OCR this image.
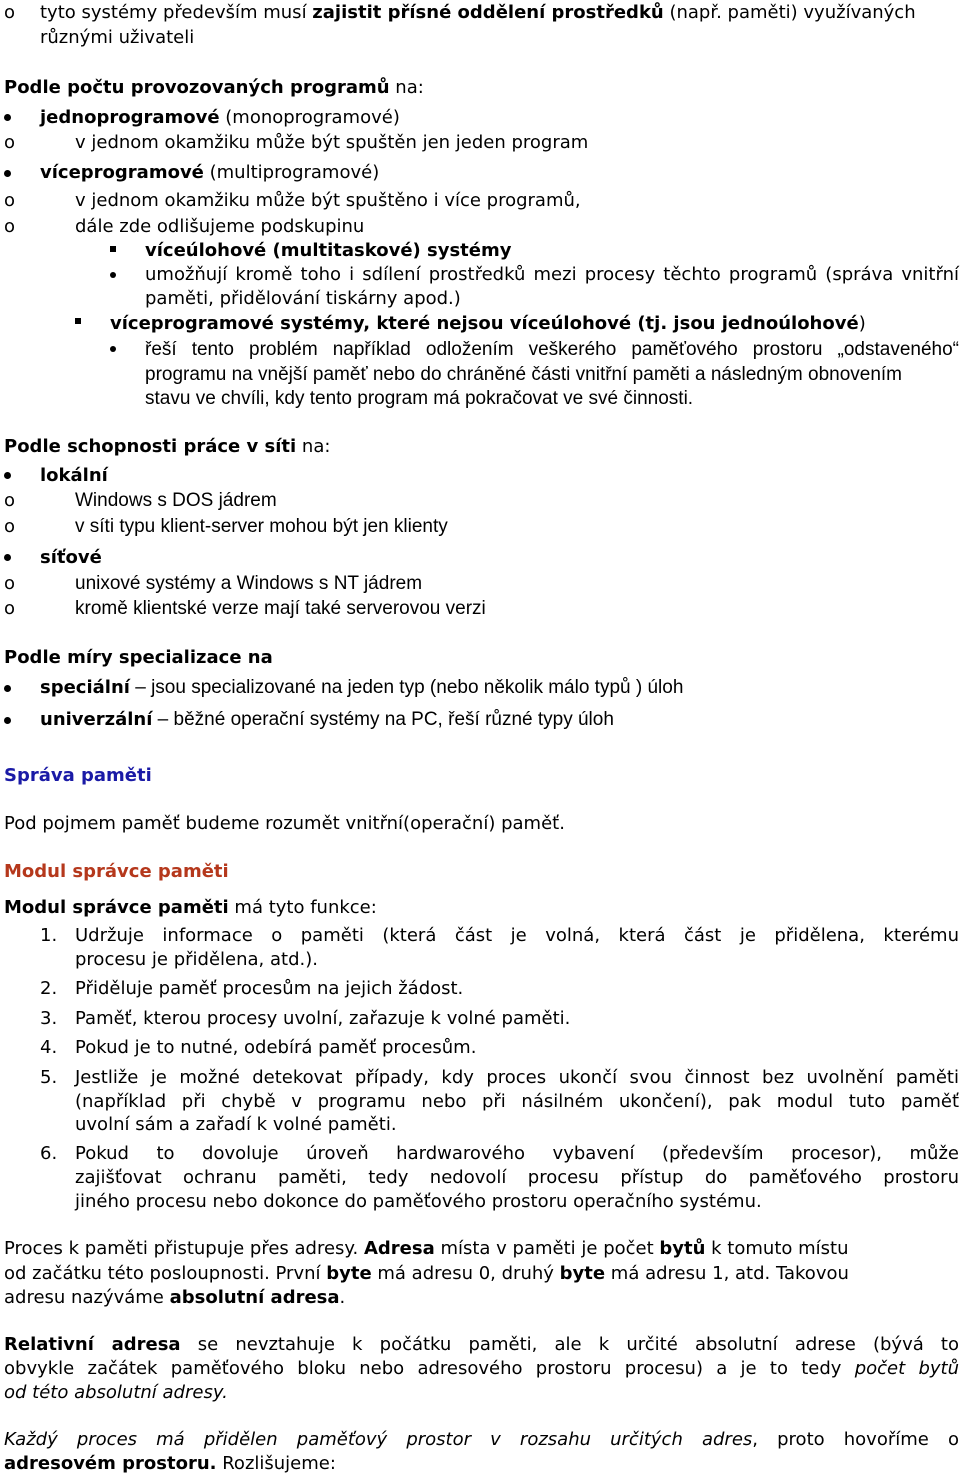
o tyto systémy především musí zajistit přísné oddělení prostředků (např. paměti) využívaných
různými uživateli
Podle počtu provozovaných programů na:
jednoprogramové (monoprogramové)
o	v jednom okamžiku může být spuštěn jen jeden program
víceprogramové (multiprogramové)
o	v jednom okamžiku může být spuštěno i více programů,
o	dále zde odlišujeme podskupinu
víceúlohové (multitaskové) systémy
umožňují kromě toho i sdílení prostředků mezi procesy těchto programů (správa vnitřní
paměti, přidělování tiskárny apod.)
víceprogramové systémy, které nejsou víceúlohové (tj. jsou jednoúlohové)
řeší tento problém například odložením veškerého paměťového prostoru „odstaveného“
programu na vnější paměť nebo do chráněné části vnitřní paměti a následným obnovením
stavu ve chvíli, kdy tento program má pokračovat ve své činnosti.
Podle schopnosti práce v síti na:
lokální
o	Windows s DOS jádrem
o	v síti typu klient-server mohou být jen klienty
síťové
o	unixové systémy a Windows s NT jádrem
o	kromě klientské verze mají také serverovou verzi
Podle míry specializace na
speciální – jsou specializované na jeden typ (nebo několik málo typů ) úloh
univerzální – běžné operační systémy na PC, řeší různé typy úloh
Správa paměti
Pod pojmem paměť budeme rozumět vnitřní(operační) paměť.
Modul správce paměti
Modul správce paměti má tyto funkce:
1. Udržuje informace o paměti (která část je volná, která část je přidělena, kterému
procesu je přidělena, atd.).
2. Přiděluje paměť procesům na jejich žádost.
3. Paměť, kterou procesy uvolní, zařazuje k volné paměti.
4. Pokud je to nutné, odebírá paměť procesům.
5. Jestliže je možné detekovat případy, kdy proces ukončí svou činnost bez uvolnění paměti
(například při chybě v programu nebo při násilném ukončení), pak modul tuto paměť
uvolní sám a zařadí k volné paměti.
6. Pokud to dovoluje úroveň hardwarového vybavení (především procesor), může
zajišťovat ochranu paměti, tedy nedovolí procesu přístup do paměťového prostoru
jiného procesu nebo dokonce do paměťového prostoru operačního systému.
Proces k paměti přistupuje přes adresy. Adresa místa v paměti je počet bytů k tomuto místu
od začátku této posloupnosti. První byte má adresu 0, druhý byte má adresu 1, atd. Takovou
adresu nazýváme absolutní adresa.
Relativní adresa se nevztahuje k počátku paměti, ale k určité absolutní adrese (bývá to
obvykle začátek paměťového bloku nebo adresového prostoru procesu) a je to tedy počet bytů
od této absolutní adresy.
Každý proces má přidělen paměťový prostor v rozsahu určitých adres, proto hovoříme o
adresovém prostoru. Rozlišujeme:
